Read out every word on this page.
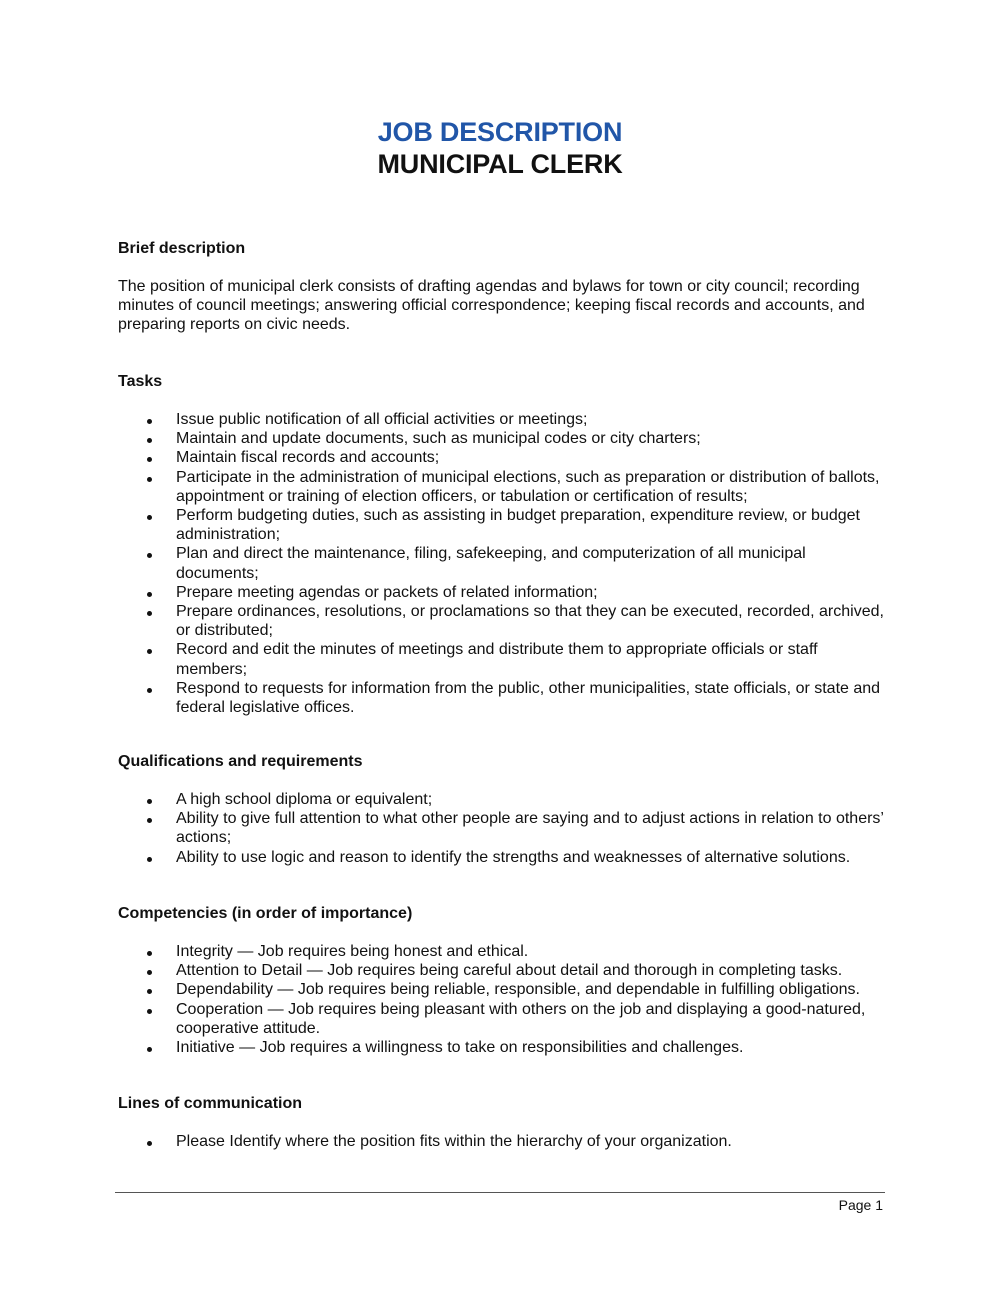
JOB DESCRIPTION
MUNICIPAL CLERK
Brief description

The position of municipal clerk consists of drafting agendas and bylaws for town or city council; recording minutes of council meetings; answering official correspondence; keeping fiscal records and accounts, and preparing reports on civic needs.

Tasks
Issue public notification of all official activities or meetings;
Maintain and update documents, such as municipal codes or city charters;
Maintain fiscal records and accounts;
Participate in the administration of municipal elections, such as preparation or distribution of ballots, appointment or training of election officers, or tabulation or certification of results;
Perform budgeting duties, such as assisting in budget preparation, expenditure review, or budget administration;
Plan and direct the maintenance, filing, safekeeping, and computerization of all municipal documents;
Prepare meeting agendas or packets of related information;
Prepare ordinances, resolutions, or proclamations so that they can be executed, recorded, archived, or distributed;
Record and edit the minutes of meetings and distribute them to appropriate officials or staff members;
Respond to requests for information from the public, other municipalities, state officials, or state and federal legislative offices.
Qualifications and requirements
A high school diploma or equivalent;
Ability to give full attention to what other people are saying and to adjust actions in relation to others’ actions;
Ability to use logic and reason to identify the strengths and weaknesses of alternative solutions.
Competencies (in order of importance)
Integrity — Job requires being honest and ethical.
Attention to Detail — Job requires being careful about detail and thorough in completing tasks.
Dependability — Job requires being reliable, responsible, and dependable in fulfilling obligations.
Cooperation — Job requires being pleasant with others on the job and displaying a good-natured, cooperative attitude.
Initiative — Job requires a willingness to take on responsibilities and challenges.
Lines of communication
Please Identify where the position fits within the hierarchy of your organization.
Page 1
